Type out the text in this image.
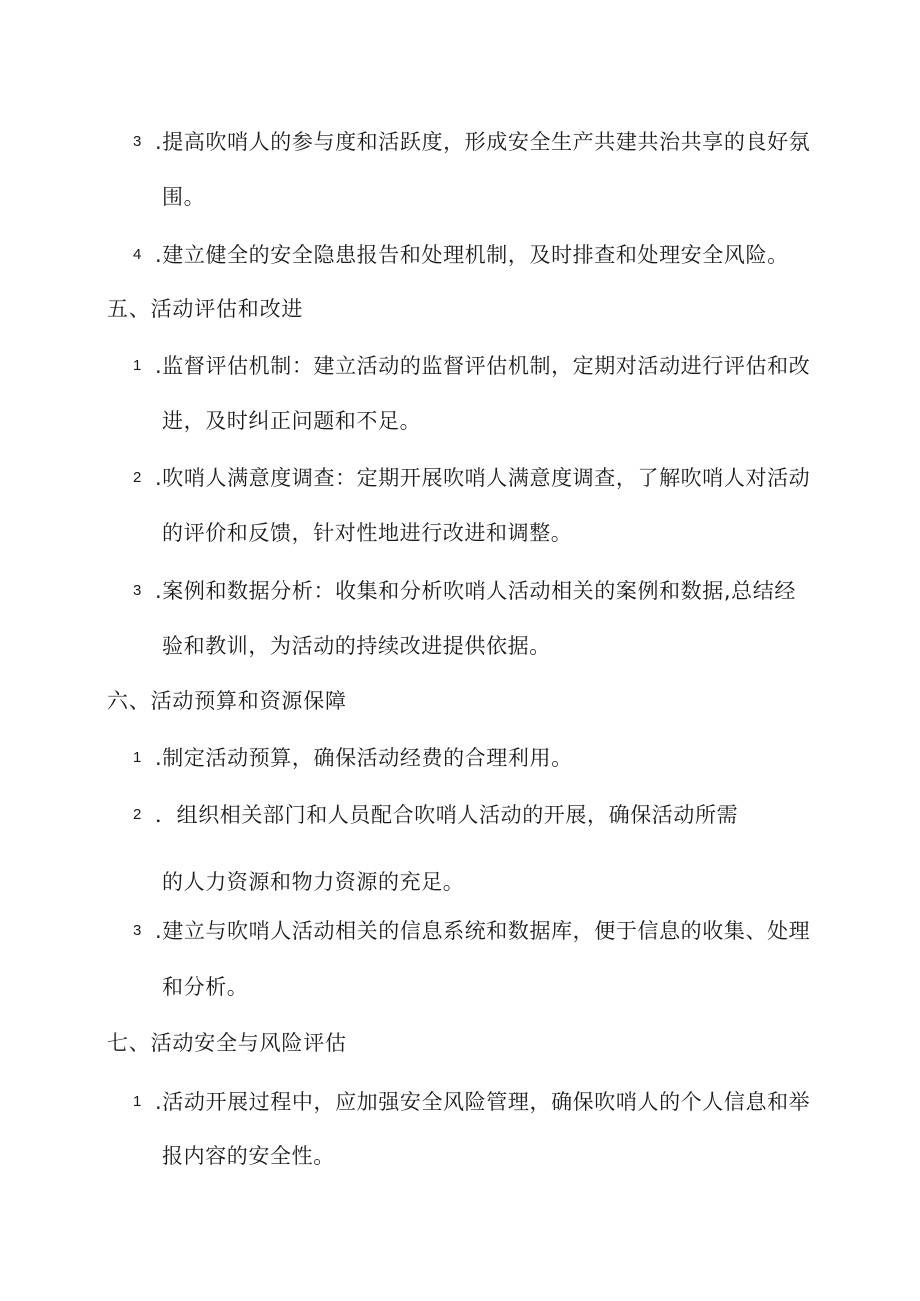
3 .提高吹哨人的参与度和活跃度，形成安全生产共建共治共享的良好氛
围。
4 .建立健全的安全隐患报告和处理机制，及时排查和处理安全风险。
五、活动评估和改进
1 .监督评估机制：建立活动的监督评估机制，定期对活动进行评估和改
进，及时纠正问题和不足。
2 .吹哨人满意度调查：定期开展吹哨人满意度调查，了解吹哨人对活动
的评价和反馈，针对性地进行改进和调整。
3 .案例和数据分析：收集和分析吹哨人活动相关的案例和数据,总结经
验和教训，为活动的持续改进提供依据。
六、活动预算和资源保障
1 .制定活动预算，确保活动经费的合理利用。
2 ．组织相关部门和人员配合吹哨人活动的开展，确保活动所需
的人力资源和物力资源的充足。
3 .建立与吹哨人活动相关的信息系统和数据库，便于信息的收集、处理
和分析。
七、活动安全与风险评估
1 .活动开展过程中，应加强安全风险管理，确保吹哨人的个人信息和举
报内容的安全性。
